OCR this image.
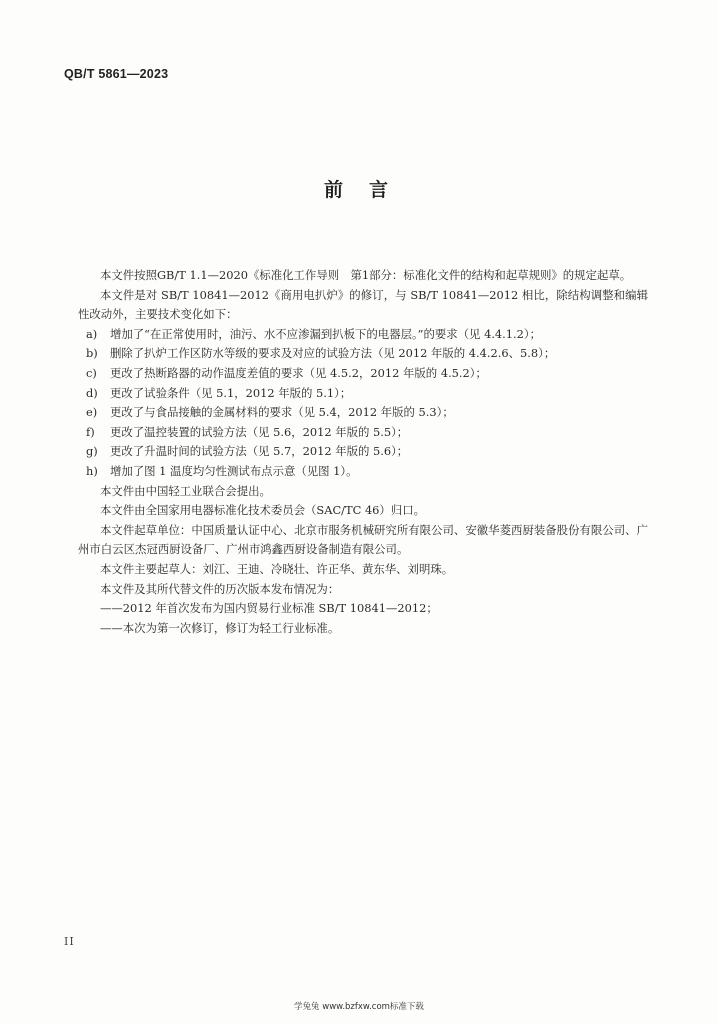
QB/T 5861—2023
前言

本文件按照GB/T 1.1—2020《标准化工作导则　第1部分：标准化文件的结构和起草规则》的规定起草。

本文件是对 SB/T 10841—2012《商用电扒炉》的修订，与 SB/T 10841—2012 相比，除结构调整和编辑性改动外，主要技术变化如下：

a) 增加了“在正常使用时，油污、水不应渗漏到扒板下的电器层。”的要求（见 4.4.1.2）；
b) 删除了扒炉工作区防水等级的要求及对应的试验方法（见 2012 年版的 4.4.2.6、5.8）；
c) 更改了热断路器的动作温度差值的要求（见 4.5.2，2012 年版的 4.5.2）；
d) 更改了试验条件（见 5.1，2012 年版的 5.1）；
e) 更改了与食品接触的金属材料的要求（见 5.4，2012 年版的 5.3）；
f) 更改了温控装置的试验方法（见 5.6，2012 年版的 5.5）；
g) 更改了升温时间的试验方法（见 5.7，2012 年版的 5.6）；
h) 增加了图 1 温度均匀性测试布点示意（见图 1）。

本文件由中国轻工业联合会提出。

本文件由全国家用电器标准化技术委员会（SAC/TC 46）归口。

本文件起草单位：中国质量认证中心、北京市服务机械研究所有限公司、安徽华菱西厨装备股份有限公司、广州市白云区杰冠西厨设备厂、广州市鸿鑫西厨设备制造有限公司。

本文件主要起草人：刘江、王迪、冷晓壮、许正华、黄东华、刘明珠。

本文件及其所代替文件的历次版本发布情况为：

——2012 年首次发布为国内贸易行业标准 SB/T 10841—2012；
——本次为第一次修订，修订为轻工行业标准。
II
学兔兔 www.bzfxw.com标准下载
